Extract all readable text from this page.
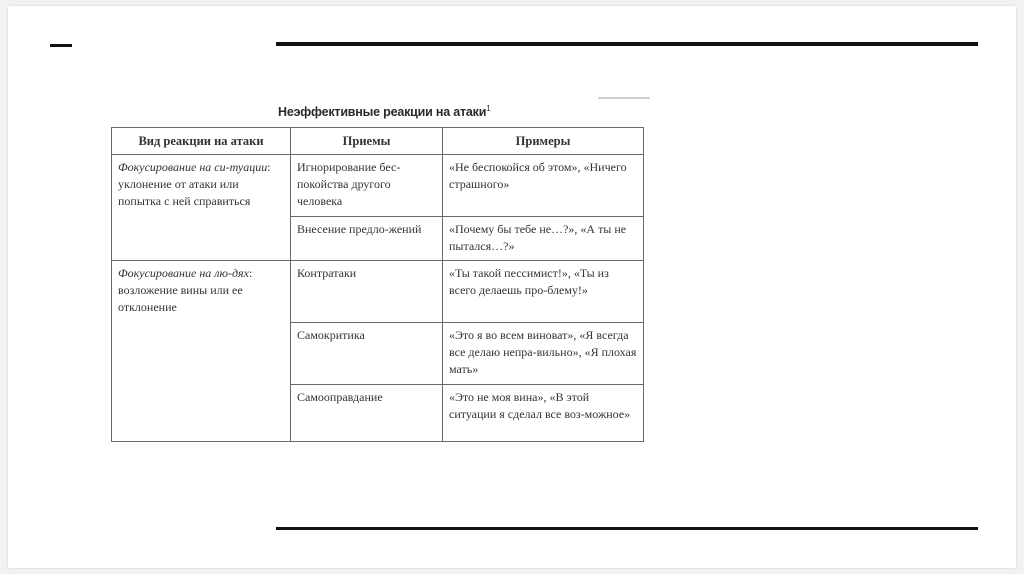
Неэффективные реакции на атаки$^1$
Вид реакции на атаки	Приемы	Примеры
Фокусирование на си-туации: уклонение от атаки или попытка с ней справиться	Игнорирование бес-покойства другого человека	«Не беспокойся об этом», «Ничего страшного»
	Внесение предло-жений	«Почему бы тебе не…?», «А ты не пытался…?»
Фокусирование на лю-дях: возложение вины или ее отклонение	Контратаки	«Ты такой пессимист!», «Ты из всего делаешь про-блему!»
	Самокритика	«Это я во всем виноват», «Я всегда все делаю непра-вильно», «Я плохая мать»
	Самооправдание	«Это не моя вина», «В этой ситуации я сделал все воз-можное»
